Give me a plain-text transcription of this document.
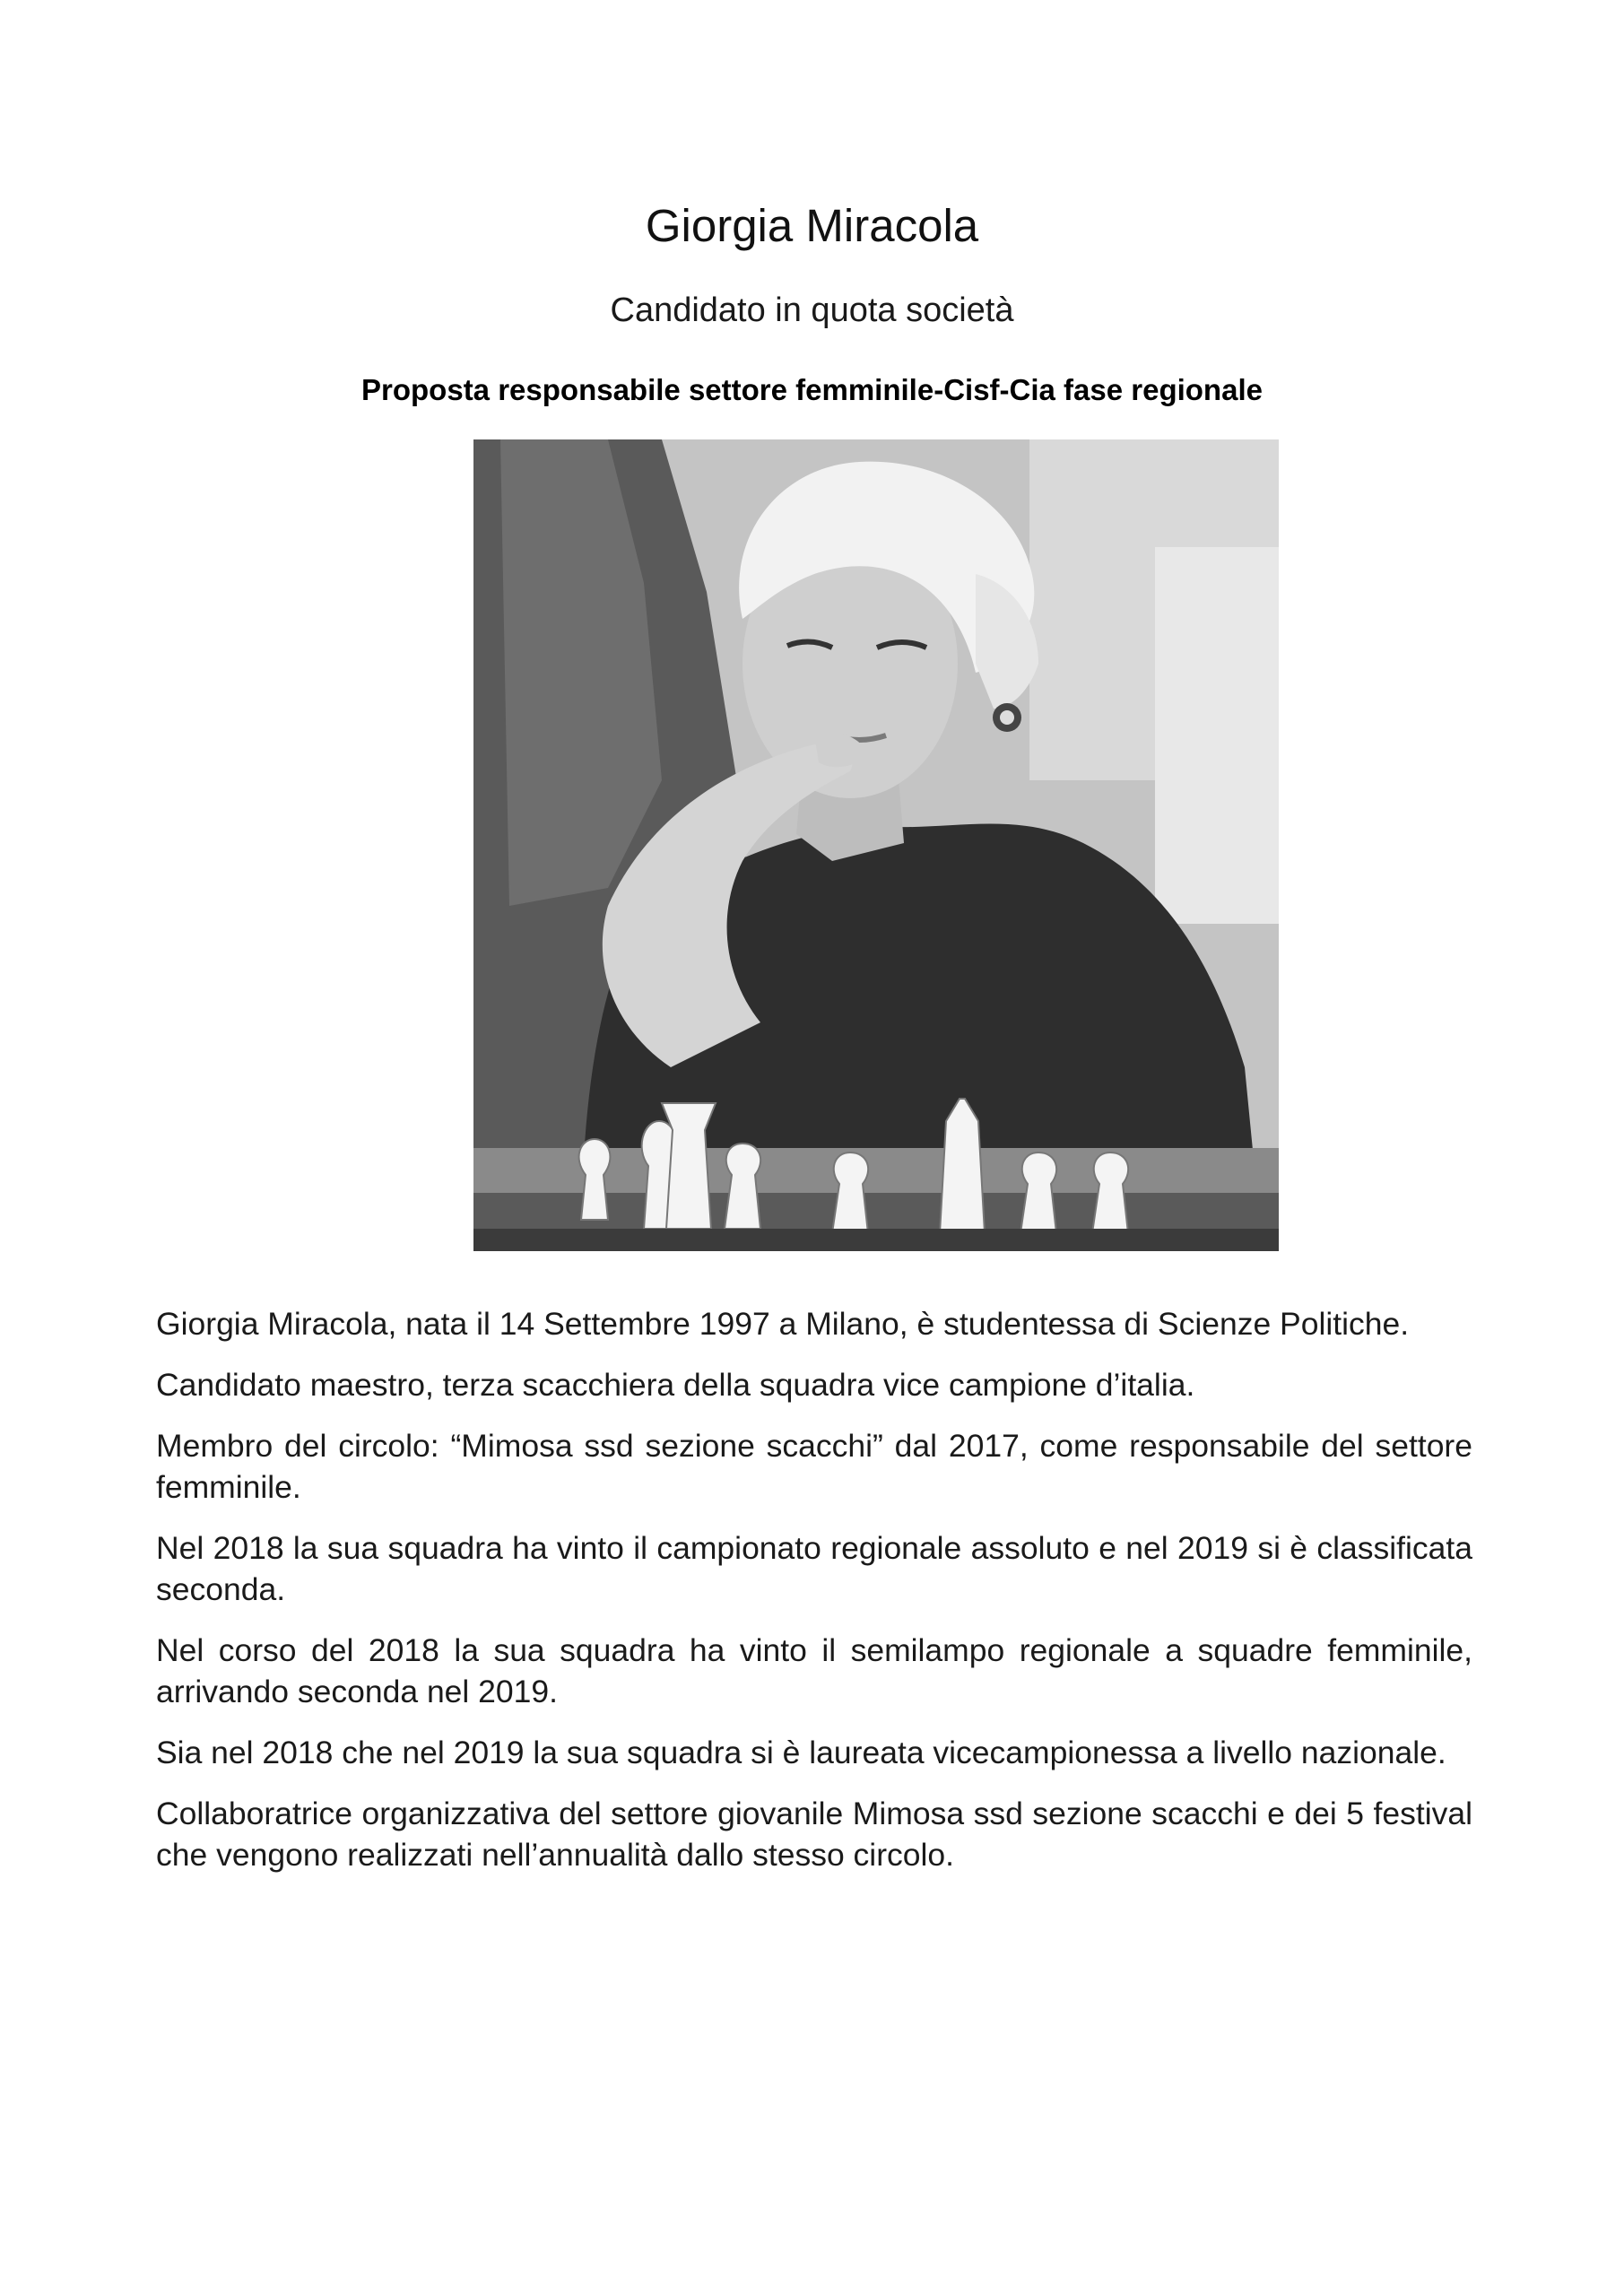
Giorgia Miracola
Candidato in quota società
Proposta responsabile settore femminile-Cisf-Cia fase regionale

Giorgia Miracola, nata il 14 Settembre 1997 a Milano, è studentessa di Scienze Politiche.

Candidato maestro, terza scacchiera della squadra vice campione d’italia.

Membro del circolo: “Mimosa ssd sezione scacchi” dal 2017, come responsabile del settore femminile.

Nel 2018 la sua squadra ha vinto il campionato regionale assoluto e nel 2019 si è classificata seconda.

Nel corso del 2018 la sua squadra ha vinto il semilampo regionale a squadre femminile, arrivando seconda nel 2019.

Sia nel 2018 che nel 2019 la sua squadra si è laureata vicecampionessa a livello nazionale.

Collaboratrice organizzativa del settore giovanile Mimosa ssd sezione scacchi e dei 5 festival che vengono realizzati nell’annualità dallo stesso circolo.
